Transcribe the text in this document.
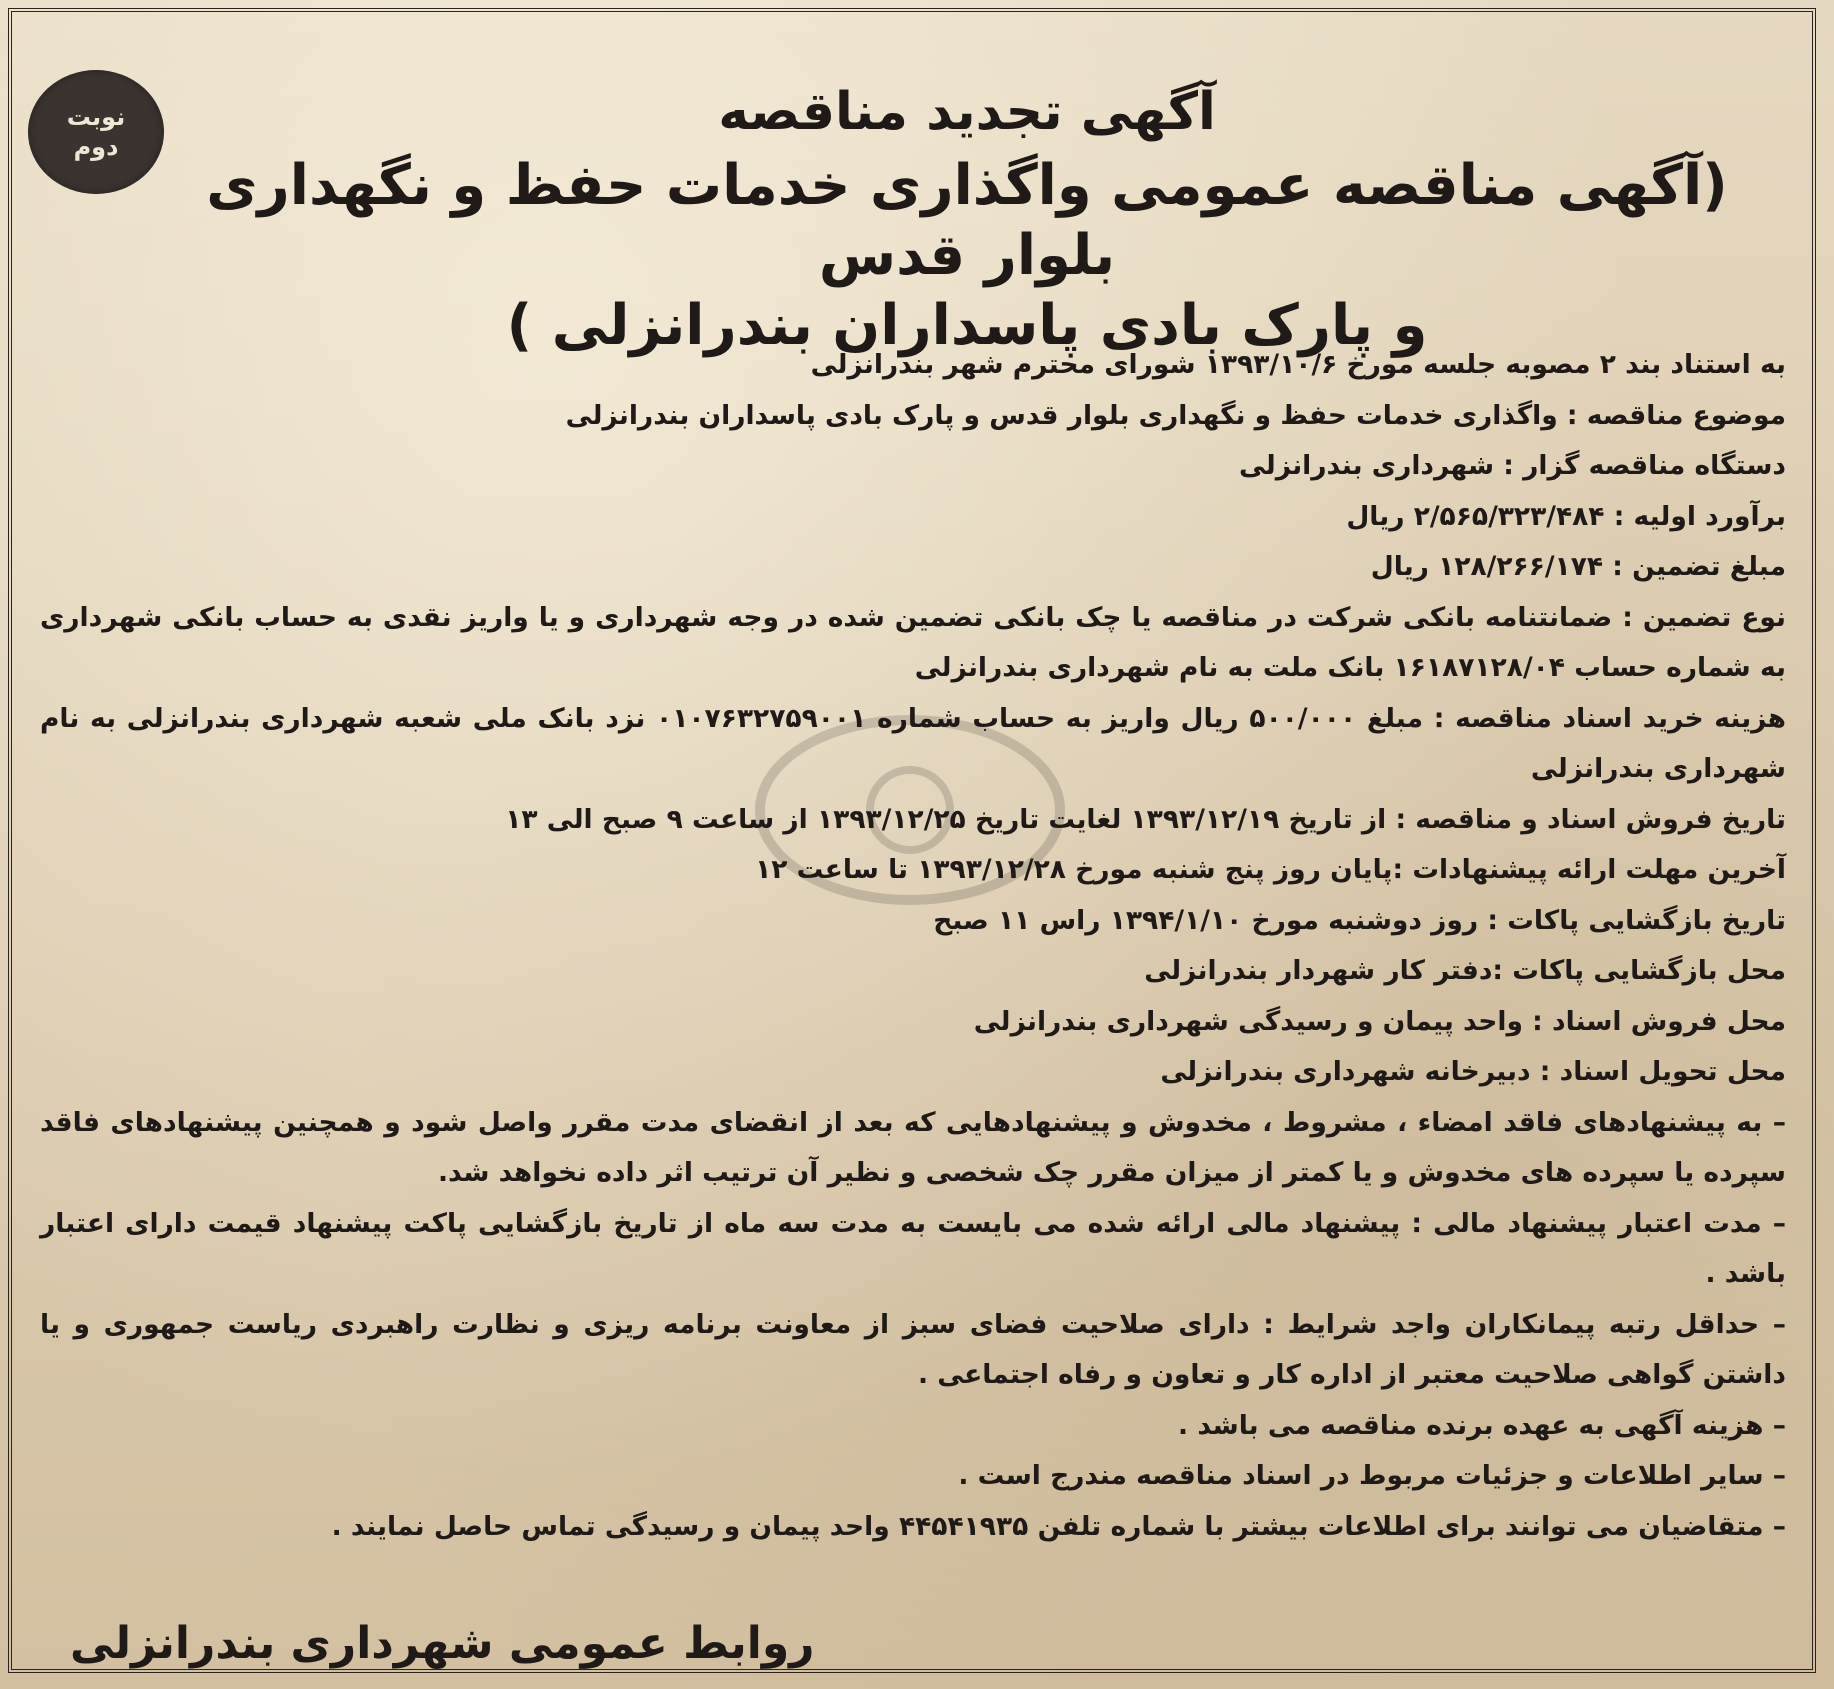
نوبت
دوم
آگهی تجدید مناقصه
(آگهی مناقصه عمومی واگذاری خدمات حفظ و نگهداری بلوار قدس
و پارک بادی پاسداران بندرانزلی )

به استناد بند ۲ مصوبه جلسه مورخ ۱۳۹۳/۱۰/۶ شورای محترم شهر بندرانزلی

موضوع مناقصه : واگذاری خدمات حفظ و نگهداری بلوار قدس و پارک بادی پاسداران بندرانزلی

دستگاه مناقصه گزار : شهرداری بندرانزلی

برآورد اولیه : ۲/۵۶۵/۳۲۳/۴۸۴ ریال

مبلغ تضمین : ۱۲۸/۲۶۶/۱۷۴ ریال

نوع تضمین : ضمانتنامه بانکی شرکت در مناقصه یا چک بانکی تضمین شده در وجه شهرداری و یا واریز نقدی به حساب بانکی شهرداری به شماره حساب ۱۶۱۸۷۱۲۸/۰۴ بانک ملت به نام شهرداری بندرانزلی

هزینه خرید اسناد مناقصه : مبلغ ۵۰۰/۰۰۰ ریال واریز به حساب شماره ۰۱۰۷۶۳۲۷۵۹۰۰۱ نزد بانک ملی شعبه شهرداری بندرانزلی به نام شهرداری بندرانزلی

تاریخ فروش اسناد و مناقصه : از تاریخ ۱۳۹۳/۱۲/۱۹ لغایت تاریخ ۱۳۹۳/۱۲/۲۵ از ساعت ۹ صبح الی ۱۳

آخرین مهلت ارائه پیشنهادات :پایان روز پنج شنبه مورخ ۱۳۹۳/۱۲/۲۸ تا ساعت ۱۲

تاریخ بازگشایی پاکات : روز دوشنبه مورخ ۱۳۹۴/۱/۱۰ راس ۱۱ صبح

محل بازگشایی پاکات :دفتر کار شهردار بندرانزلی

محل فروش اسناد : واحد پیمان و رسیدگی شهرداری بندرانزلی

محل تحویل اسناد : دبیرخانه شهرداری بندرانزلی

– به پیشنهادهای فاقد امضاء ، مشروط ، مخدوش و پیشنهادهایی که بعد از انقضای مدت مقرر واصل شود و همچنین پیشنهادهای فاقد سپرده یا سپرده های مخدوش و یا کمتر از میزان مقرر چک شخصی و نظیر آن ترتیب اثر داده نخواهد شد.

– مدت اعتبار پیشنهاد مالی : پیشنهاد مالی ارائه شده می بایست به مدت سه ماه از تاریخ بازگشایی پاکت پیشنهاد قیمت دارای اعتبار باشد .

– حداقل رتبه پیمانکاران واجد شرایط : دارای صلاحیت فضای سبز از معاونت برنامه ریزی و نظارت راهبردی ریاست جمهوری و یا داشتن گواهی صلاحیت معتبر از اداره کار و تعاون و رفاه اجتماعی .

– هزینه آگهی به عهده برنده مناقصه می باشد .

– سایر اطلاعات و جزئیات مربوط در اسناد مناقصه مندرج است .

– متقاضیان می توانند برای اطلاعات بیشتر با شماره تلفن ۴۴۵۴۱۹۳۵ واحد پیمان و رسیدگی تماس حاصل نمایند .

روابط عمومی شهرداری بندرانزلی
